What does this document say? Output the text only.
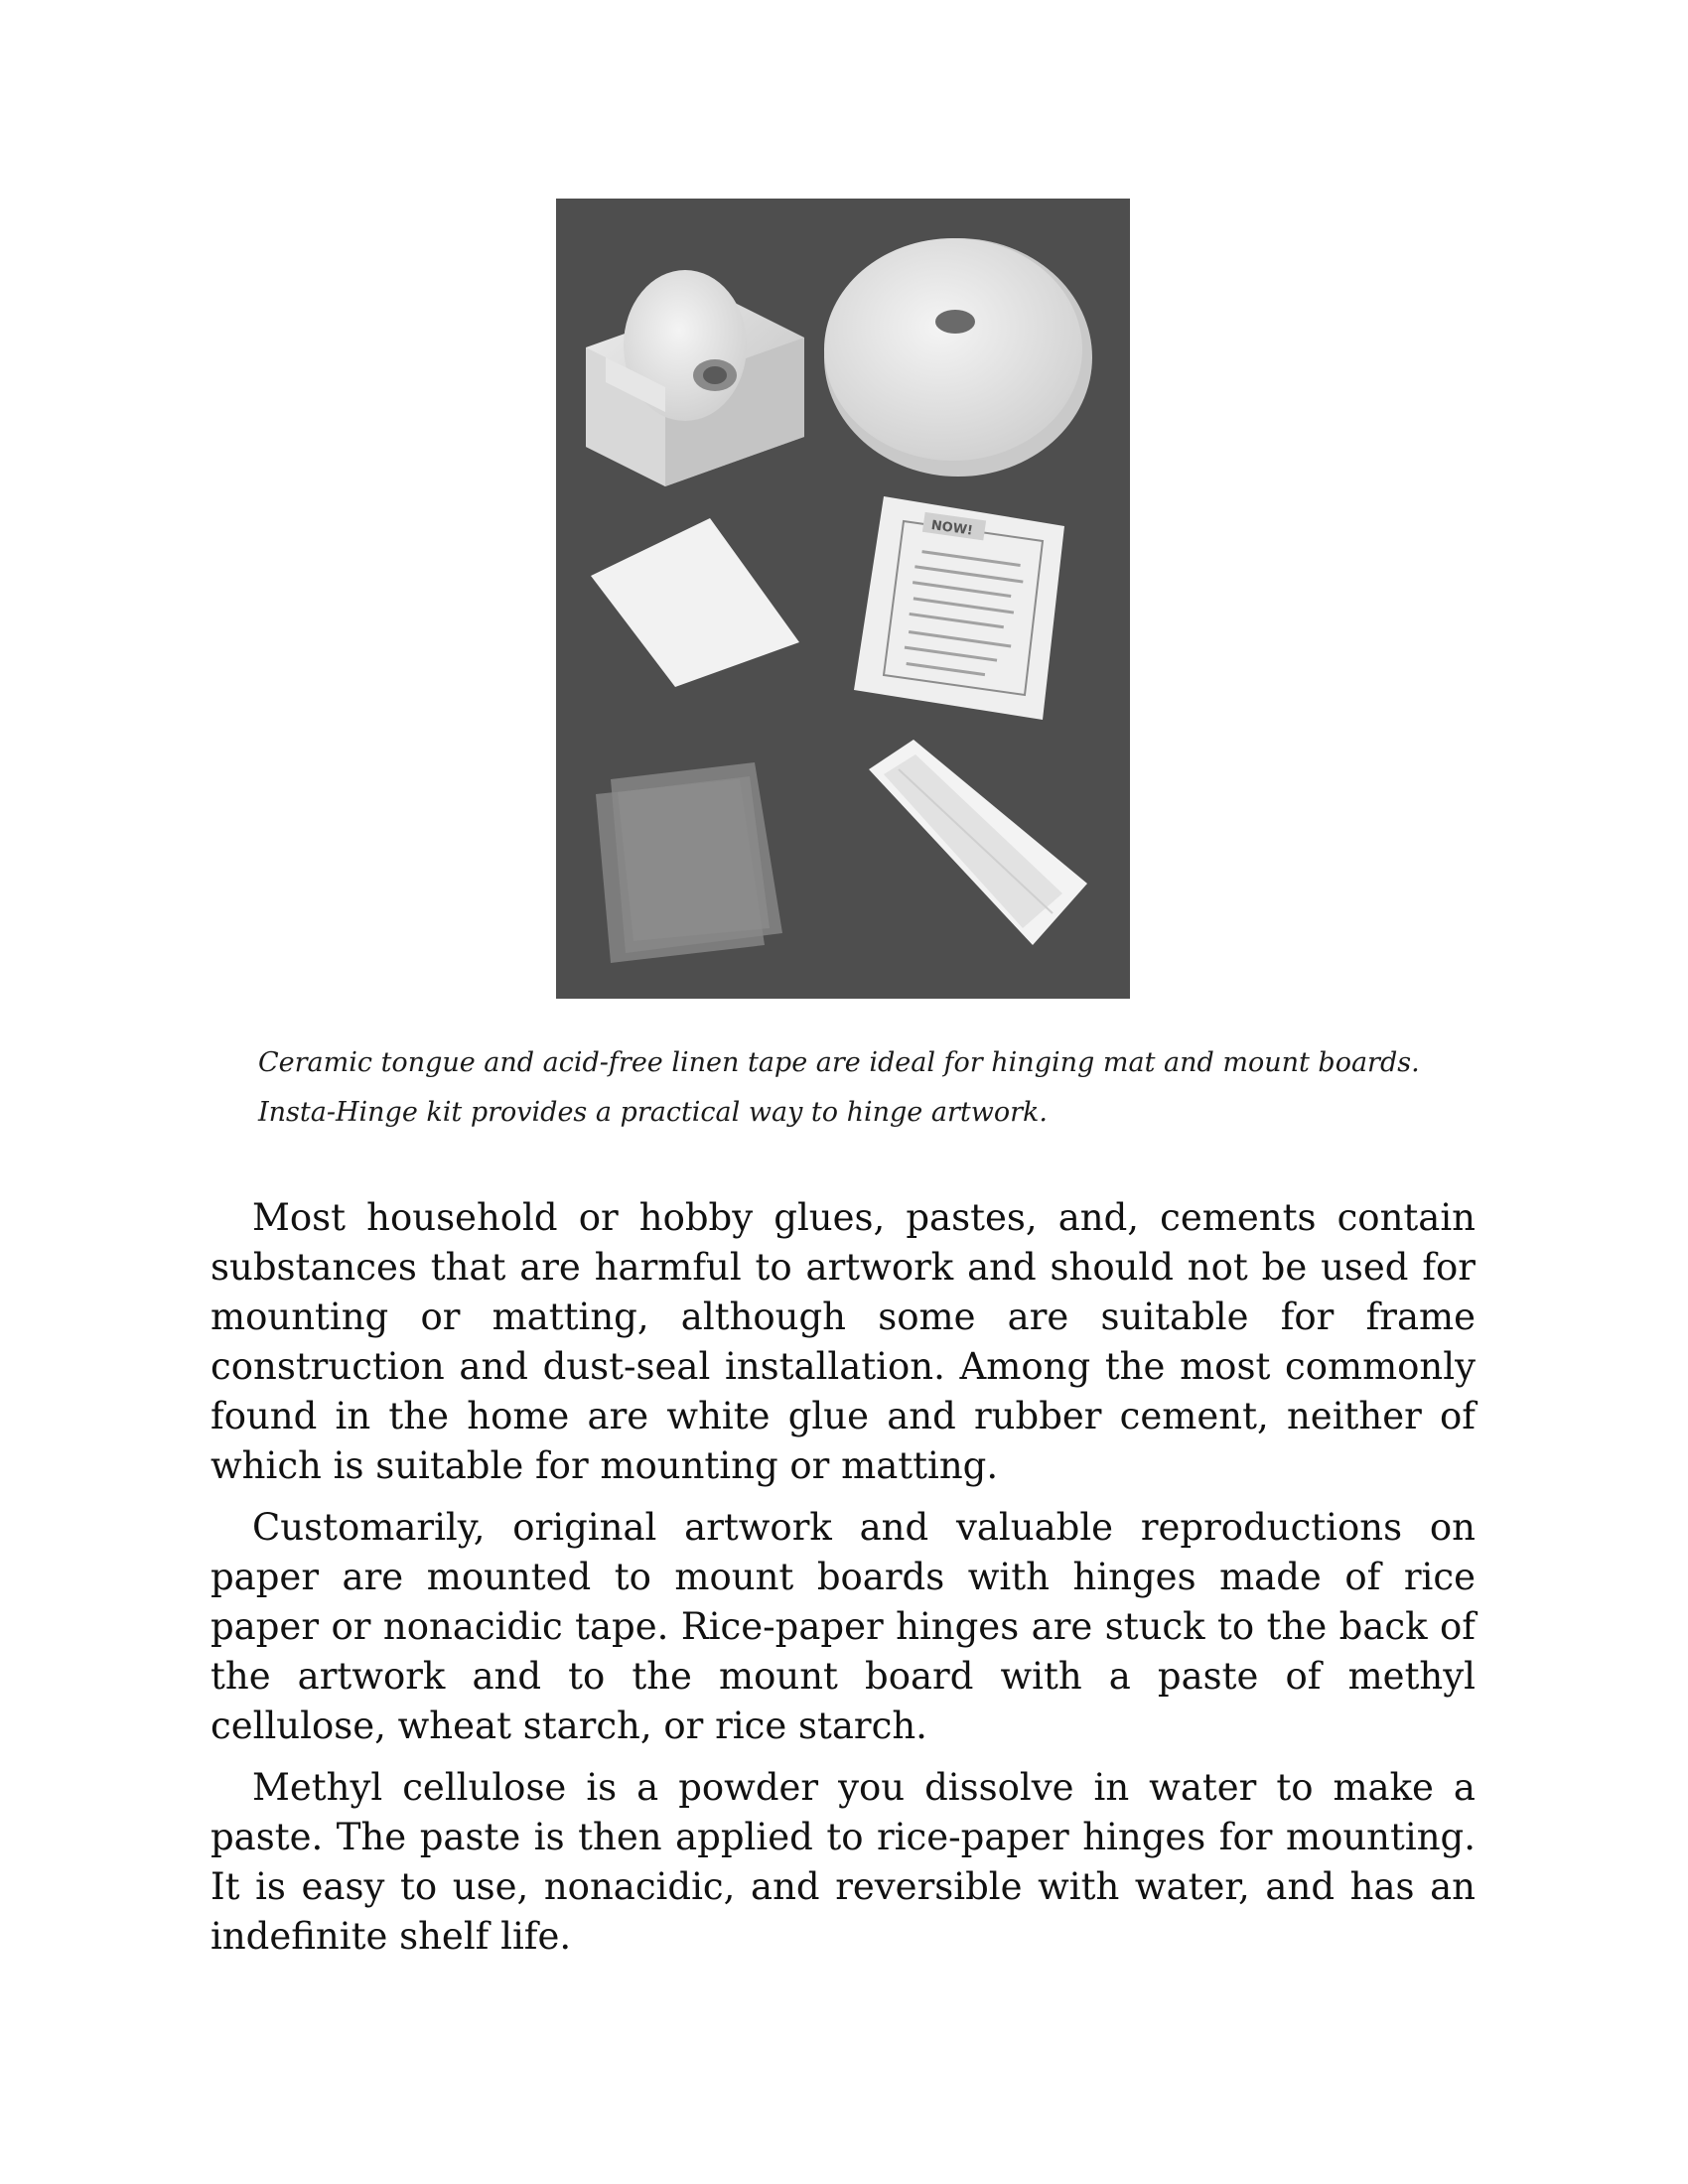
NOW!

Ceramic tongue and acid-free linen tape are ideal for hinging mat and mount boards. Insta-Hinge kit provides a practical way to hinge artwork.

Most household or hobby glues, pastes, and, cements contain substances that are harmful to artwork and should not be used for mounting or matting, although some are suitable for frame construction and dust-seal installation. Among the most commonly found in the home are white glue and rubber cement, neither of which is suitable for mounting or matting.

Customarily, original artwork and valuable reproductions on paper are mounted to mount boards with hinges made of rice paper or nonacidic tape. Rice-paper hinges are stuck to the back of the artwork and to the mount board with a paste of methyl cellulose, wheat starch, or rice starch.

Methyl cellulose is a powder you dissolve in water to make a paste. The paste is then applied to rice-paper hinges for mounting. It is easy to use, nonacidic, and reversible with water, and has an indefinite shelf life.
